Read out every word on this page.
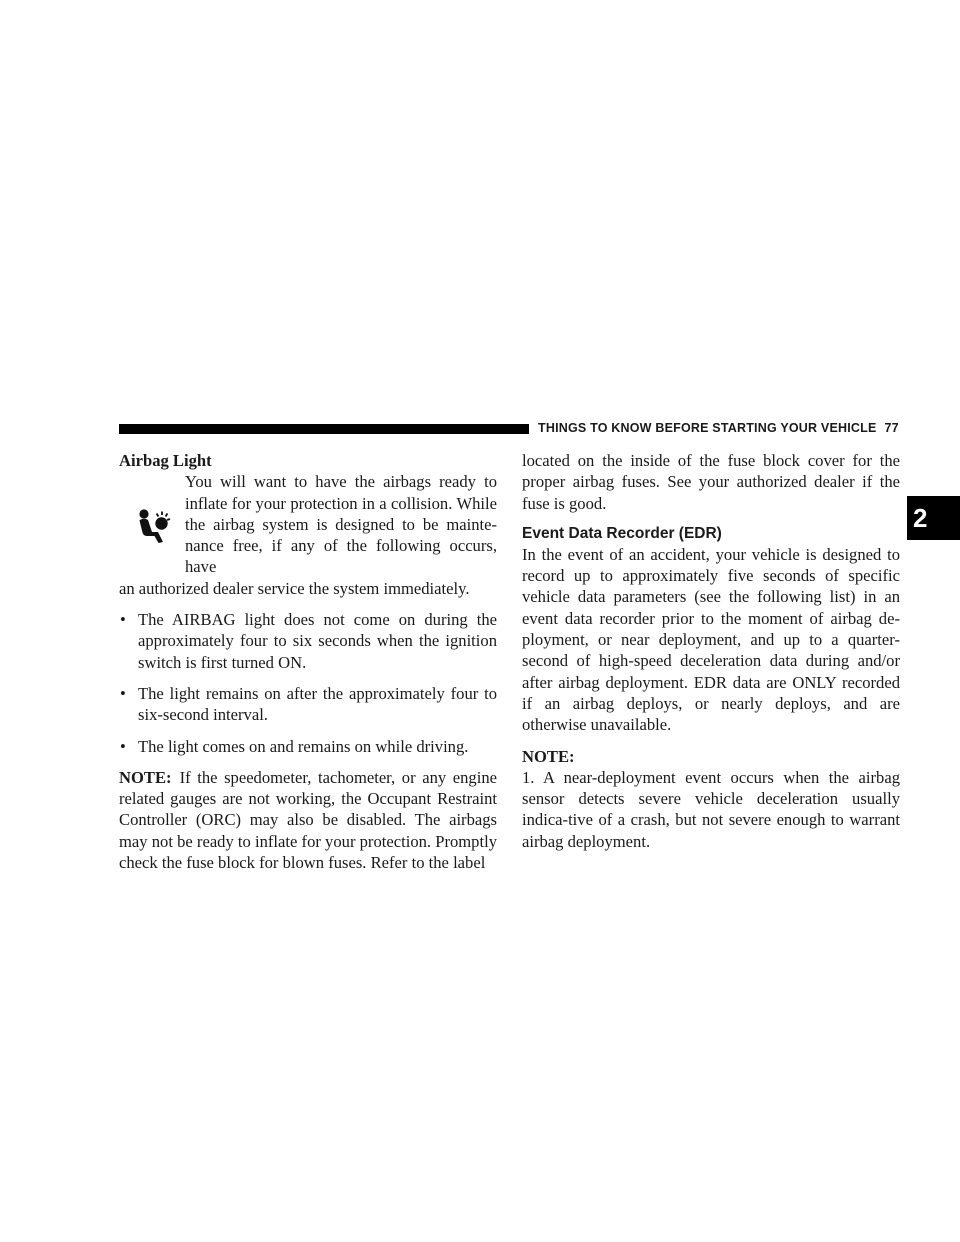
THINGS TO KNOW BEFORE STARTING YOUR VEHICLE 77
2
Airbag Light

You will want to have the airbags ready to inflate for your protection in a collision. While the airbag system is designed to be mainte-nance free, if any of the following occurs, have

an authorized dealer service the system immediately.

• The AIRBAG light does not come on during the approximately four to six seconds when the ignition switch is first turned ON.
• The light remains on after the approximately four to six-second interval.
• The light comes on and remains on while driving.

NOTE: If the speedometer, tachometer, or any engine related gauges are not working, the Occupant Restraint Controller (ORC) may also be disabled. The airbags may not be ready to inflate for your protection. Promptly check the fuse block for blown fuses. Refer to the label

located on the inside of the fuse block cover for the proper airbag fuses. See your authorized dealer if the fuse is good.

Event Data Recorder (EDR)

In the event of an accident, your vehicle is designed to record up to approximately five seconds of specific vehicle data parameters (see the following list) in an event data recorder prior to the moment of airbag de-ployment, or near deployment, and up to a quarter-second of high-speed deceleration data during and/or after airbag deployment. EDR data are ONLY recorded if an airbag deploys, or nearly deploys, and are otherwise unavailable.

NOTE:

1. A near-deployment event occurs when the airbag sensor detects severe vehicle deceleration usually indica-tive of a crash, but not severe enough to warrant airbag deployment.
